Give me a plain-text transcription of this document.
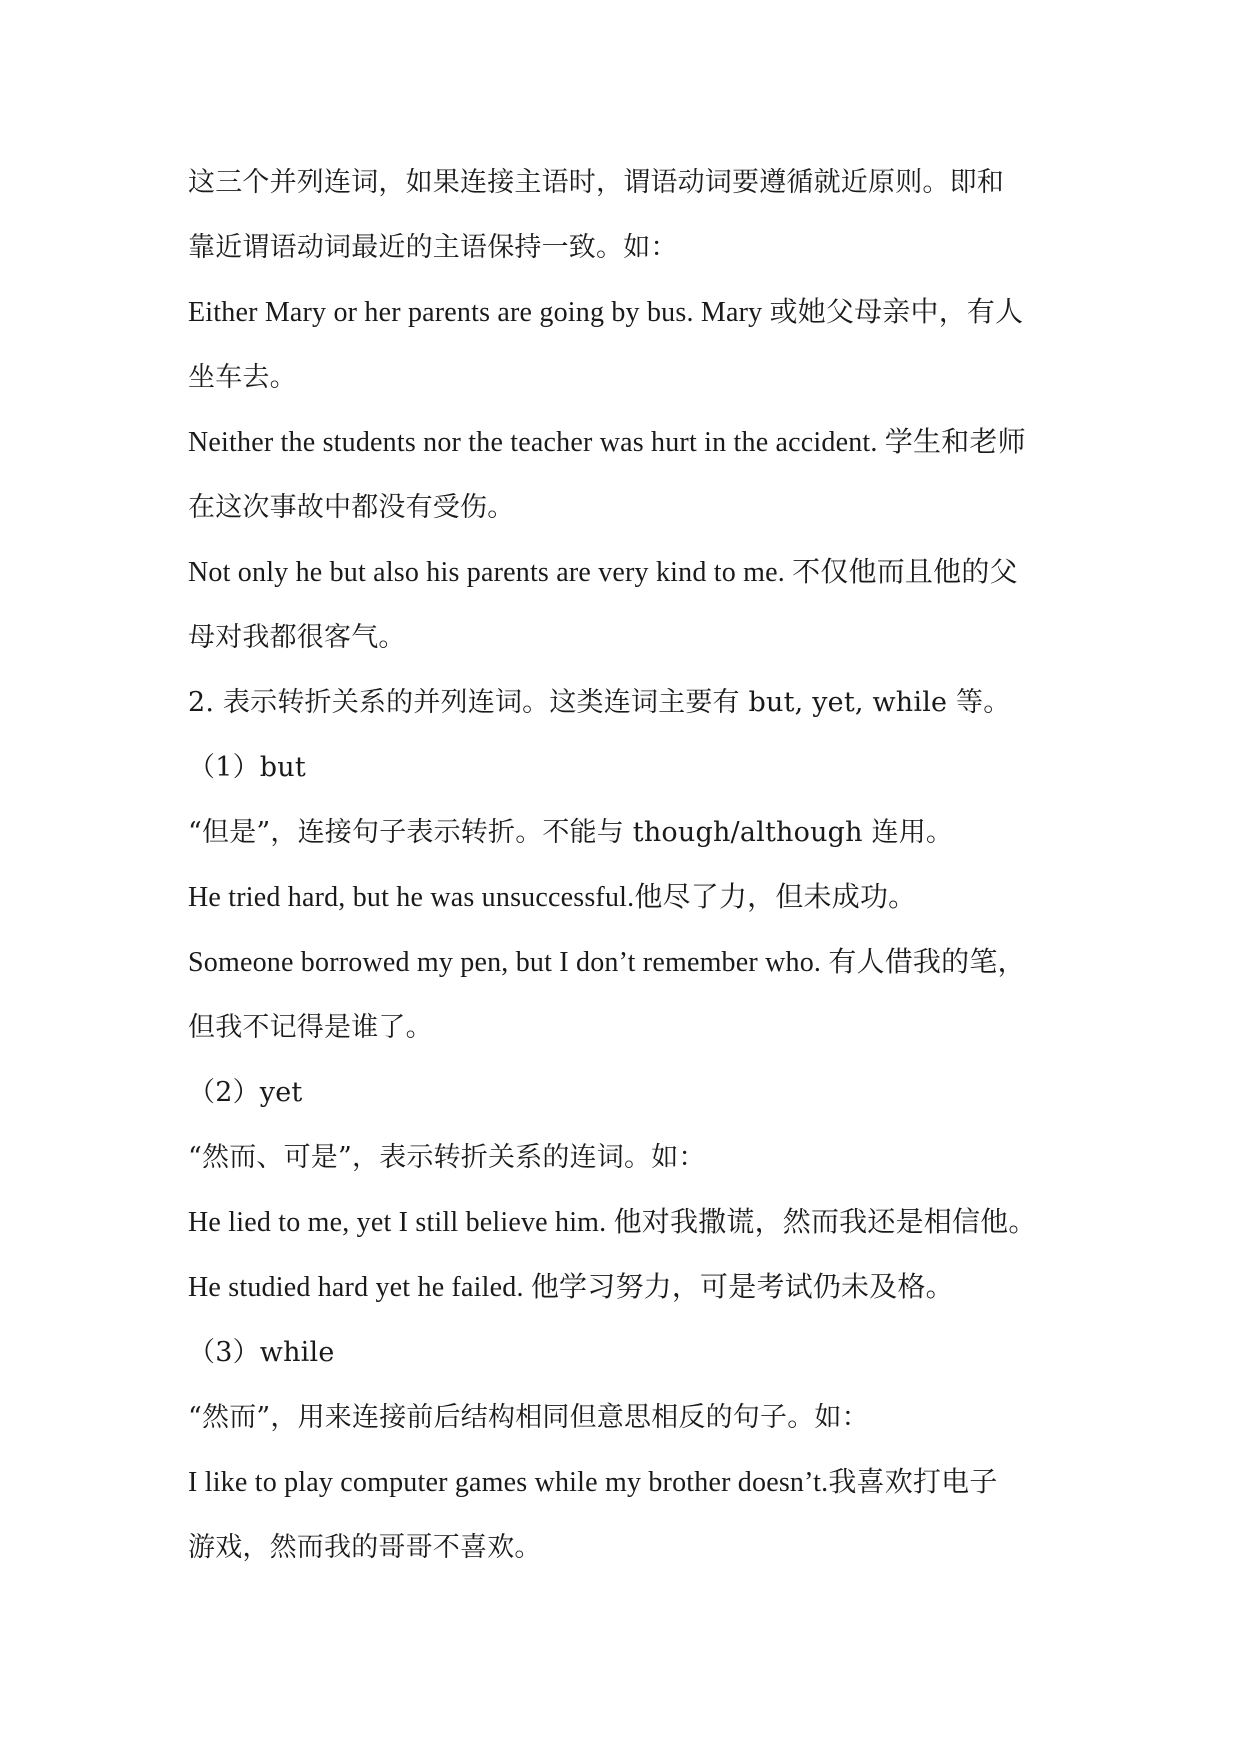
这三个并列连词，如果连接主语时，谓语动词要遵循就近原则。即和
靠近谓语动词最近的主语保持一致。如：
Either Mary or her parents are going by bus. Mary 或她父母亲中，有人
坐车去。
Neither the students nor the teacher was hurt in the accident. 学生和老师
在这次事故中都没有受伤。
Not only he but also his parents are very kind to me. 不仅他而且他的父
母对我都很客气。
2. 表示转折关系的并列连词。这类连词主要有 but, yet, while 等。
（1）but
“但是”，连接句子表示转折。不能与 though/although 连用。
He tried hard, but he was unsuccessful.他尽了力，但未成功。
Someone borrowed my pen, but I don’t remember who. 有人借我的笔，
但我不记得是谁了。
（2）yet
“然而、可是”，表示转折关系的连词。如：
He lied to me, yet I still believe him. 他对我撒谎，然而我还是相信他。
He studied hard yet he failed. 他学习努力，可是考试仍未及格。
（3）while
“然而”，用来连接前后结构相同但意思相反的句子。如：
I like to play computer games while my brother doesn’t.我喜欢打电子
游戏，然而我的哥哥不喜欢。
